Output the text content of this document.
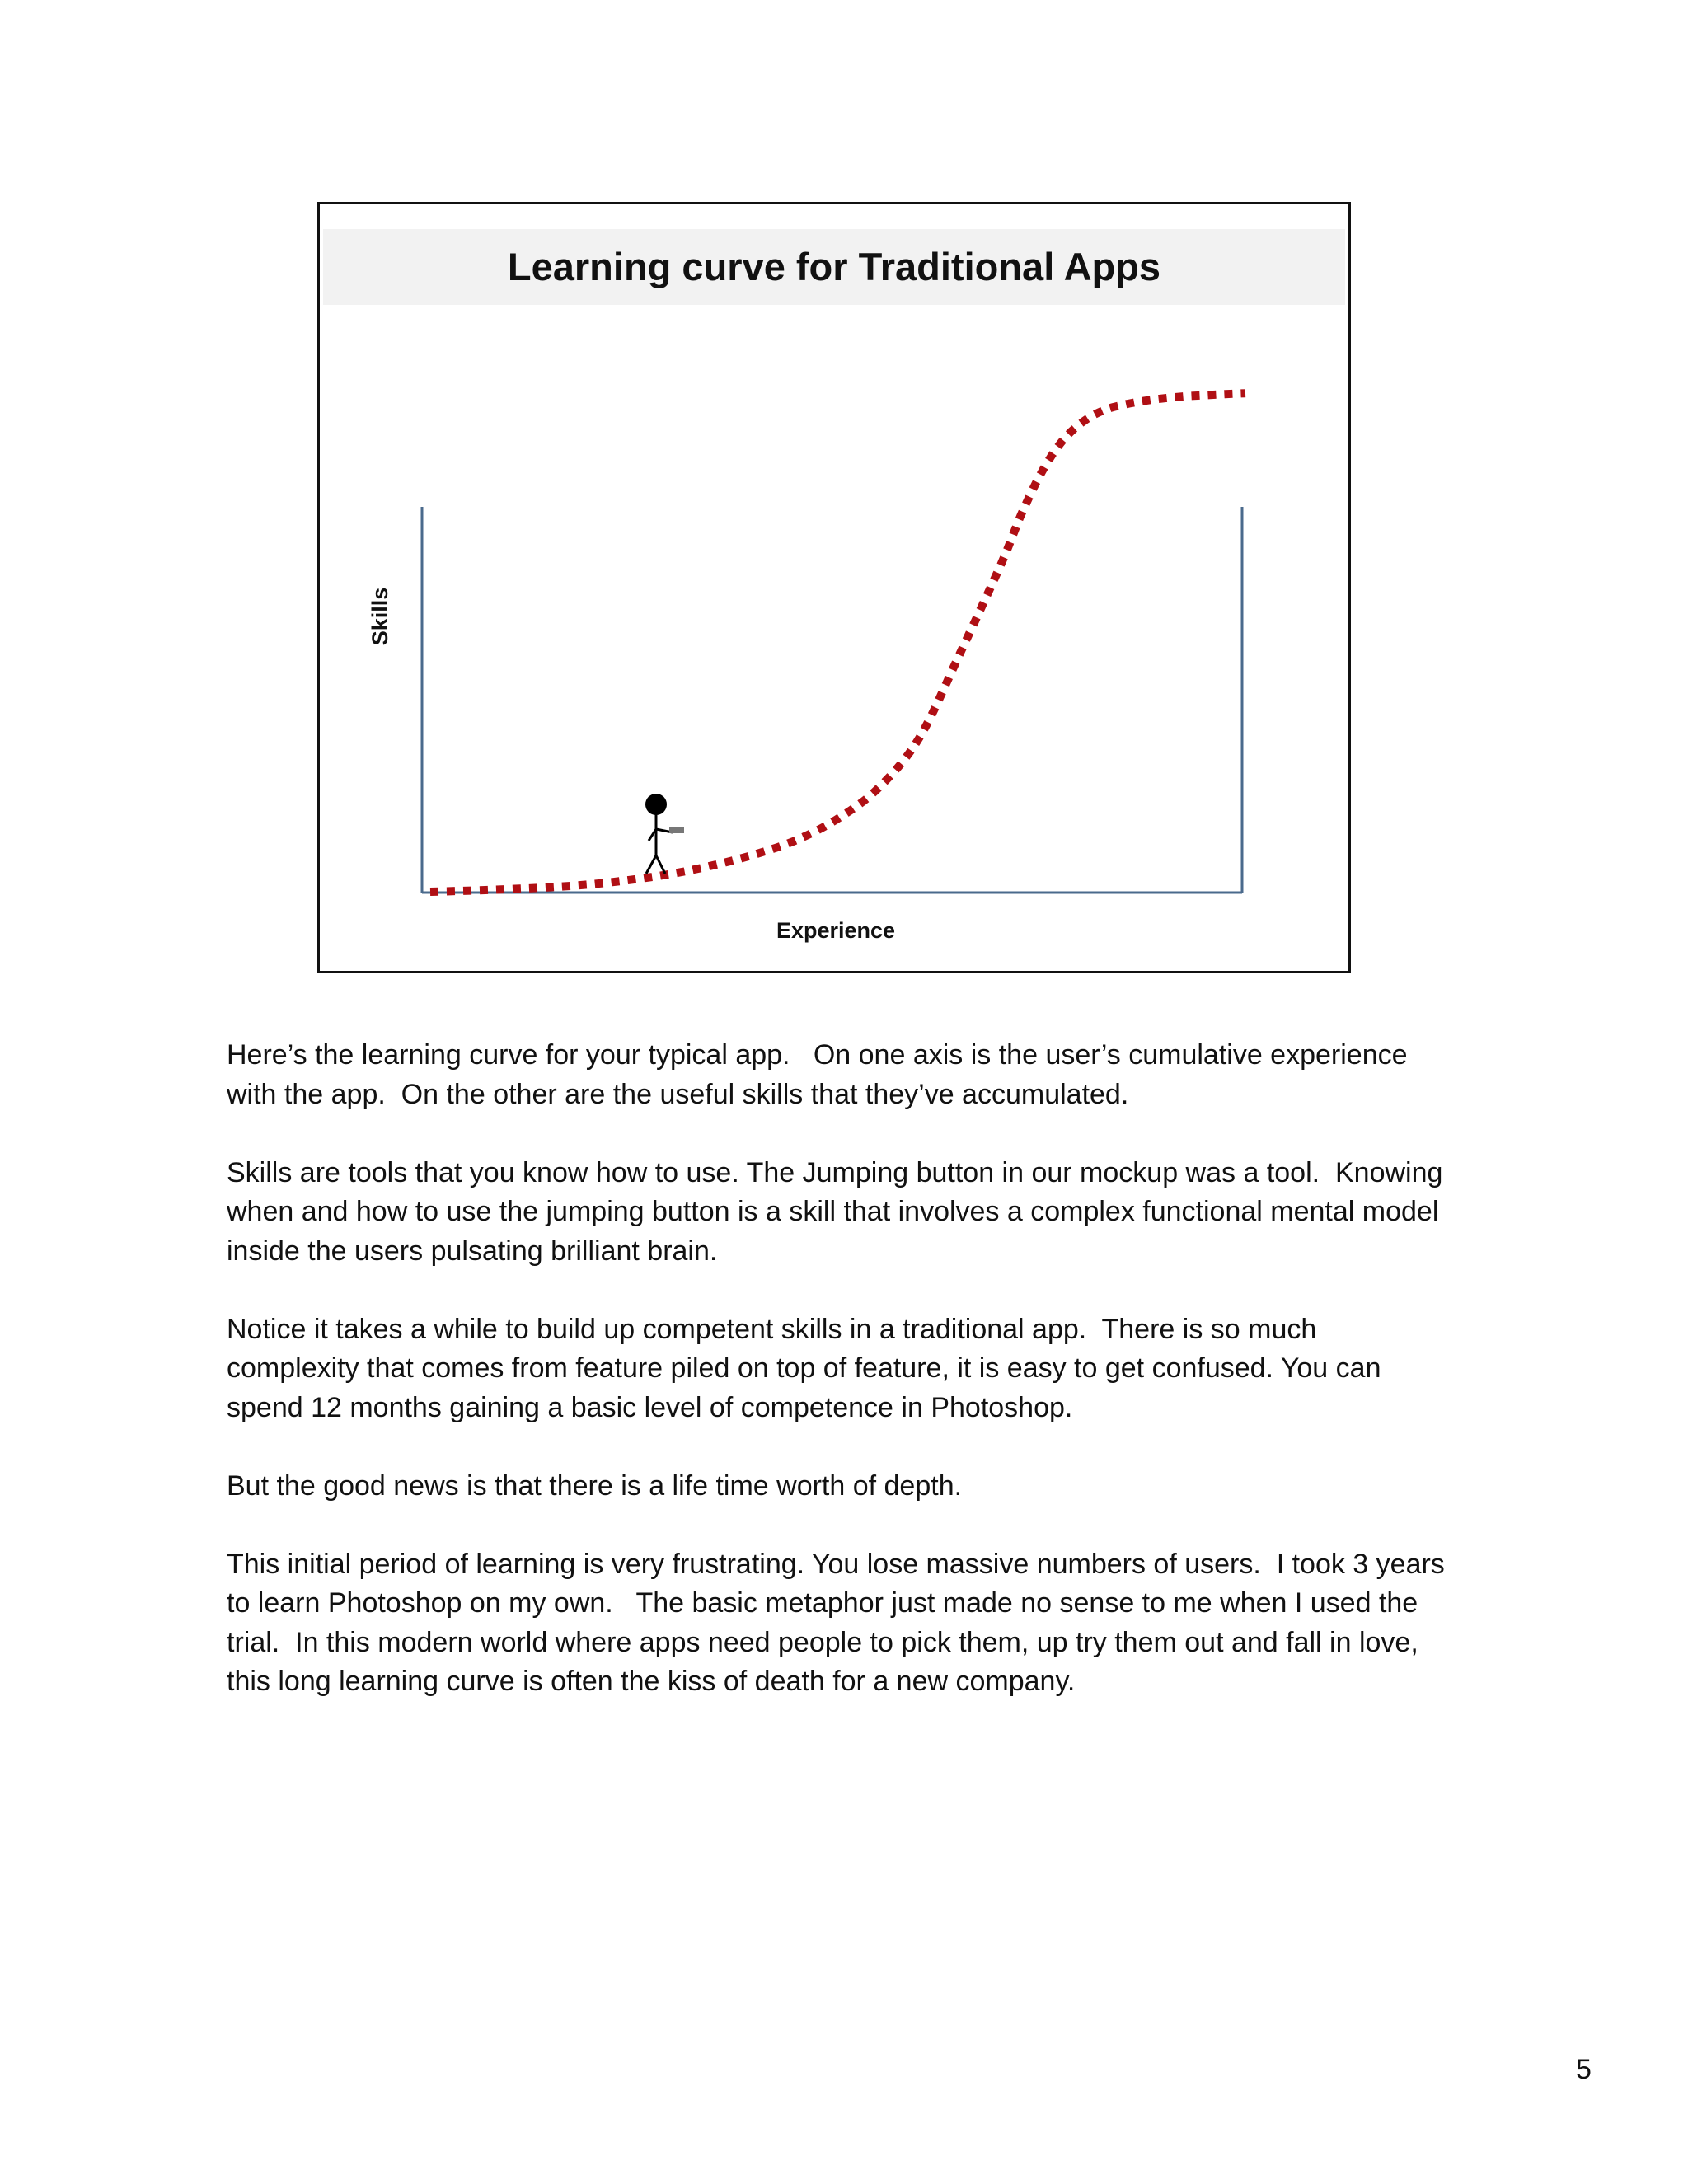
Learning curve for Traditional Apps
Skills
Experience

Here’s the learning curve for your typical app.   On one axis is the user’s cumulative experience with the app.  On the other are the useful skills that they’ve accumulated.

Skills are tools that you know how to use. The Jumping button in our mockup was a tool.  Knowing when and how to use the jumping button is a skill that involves a complex functional mental model inside the users pulsating brilliant brain.

Notice it takes a while to build up competent skills in a traditional app.  There is so much complexity that comes from feature piled on top of feature, it is easy to get confused. You can spend 12 months gaining a basic level of competence in Photoshop.

But the good news is that there is a life time worth of depth.

This initial period of learning is very frustrating. You lose massive numbers of users.  I took 3 years to learn Photoshop on my own.   The basic metaphor just made no sense to me when I used the trial.  In this modern world where apps need people to pick them, up try them out and fall in love, this long learning curve is often the kiss of death for a new company.

5
